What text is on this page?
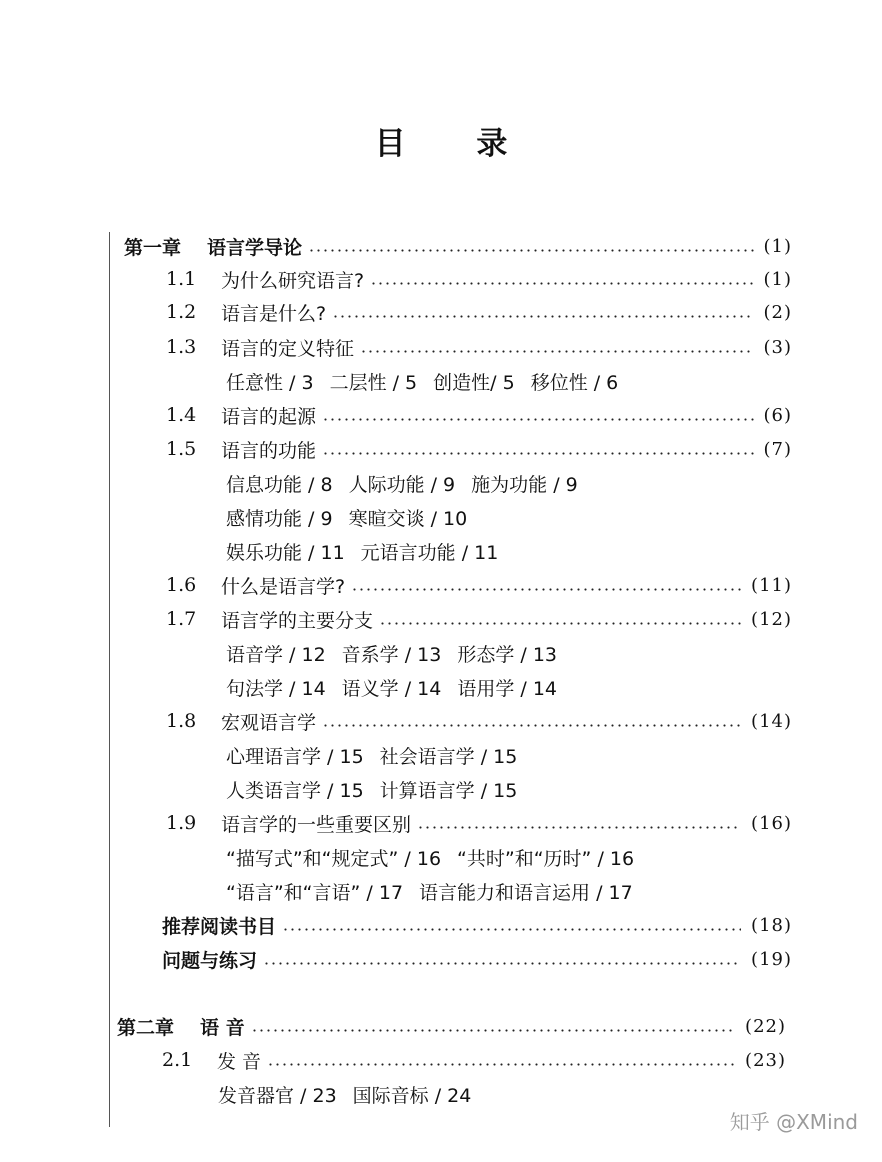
目 录
第一章 语言学导论	(1)
1.1	为什么研究语言?	(1)
1.2	语言是什么?	(2)
1.3	语言的定义特征	(3)
任意性 / 3 二层性 / 5 创造性/ 5 移位性 / 6
1.4	语言的起源	(6)
1.5	语言的功能	(7)
信息功能 / 8 人际功能 / 9 施为功能 / 9
感情功能 / 9 寒暄交谈 / 10
娱乐功能 / 11 元语言功能 / 11
1.6	什么是语言学?	(11)
1.7	语言学的主要分支	(12)
语音学 / 12 音系学 / 13 形态学 / 13
句法学 / 14 语义学 / 14 语用学 / 14
1.8	宏观语言学	(14)
心理语言学 / 15 社会语言学 / 15
人类语言学 / 15 计算语言学 / 15
1.9	语言学的一些重要区别	(16)
“描写式”和“规定式” / 16 “共时”和“历时” / 16
“语言”和“言语” / 17 语言能力和语言运用 / 17
推荐阅读书目	(18)
问题与练习	(19)
第二章 语 音	(22)
2.1	发 音	(23)
发音器官 / 23 国际音标 / 24
知乎 @XMind
